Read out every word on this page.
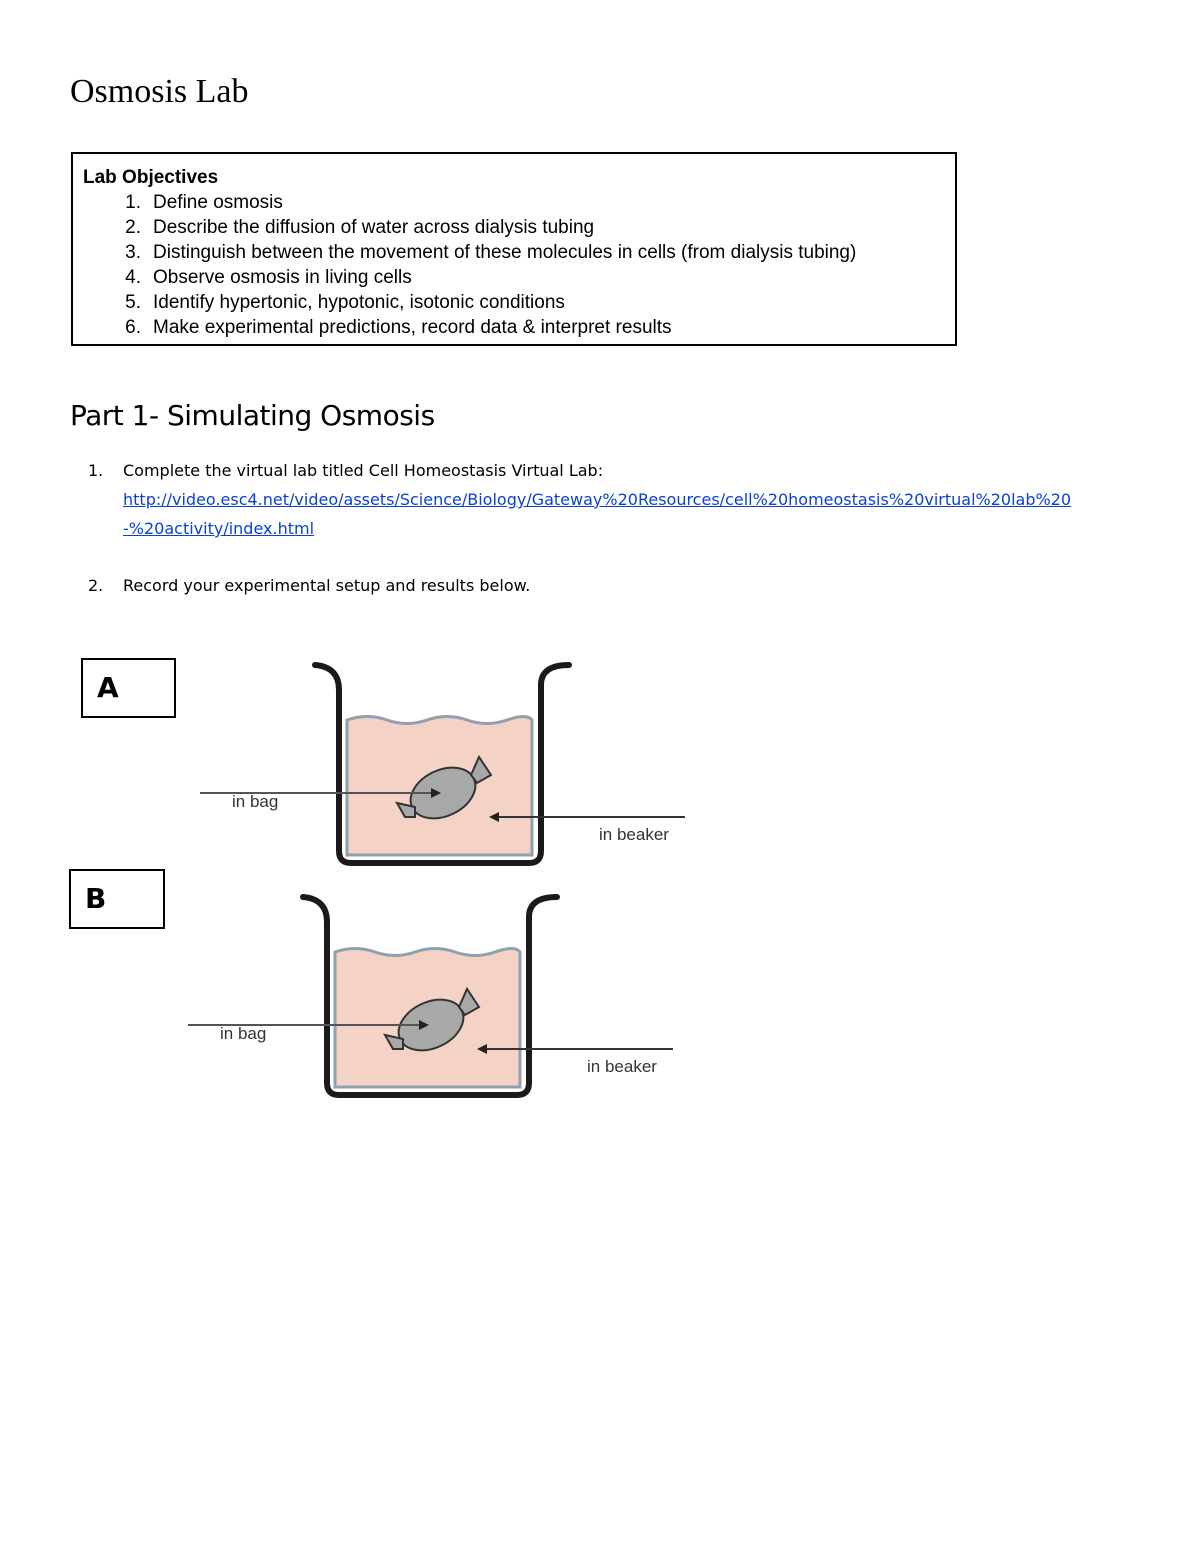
Osmosis Lab

Lab Objectives

1. Define osmosis
2. Describe the diffusion of water across dialysis tubing
3. Distinguish between the movement of these molecules in cells (from dialysis tubing)
4. Observe osmosis in living cells
5. Identify hypertonic, hypotonic, isotonic conditions
6. Make experimental predictions, record data & interpret results
Part 1- Simulating Osmosis
1.	Complete the virtual lab titled Cell Homeostasis Virtual Lab:
http://video.esc4.net/video/assets/Science/Biology/Gateway%20Resources/cell%20homeostasis%20virtual%20lab%20-%20activity/index.html
2.	Record your experimental setup and results below.
A
in bag
in beaker
B
in bag
in beaker
